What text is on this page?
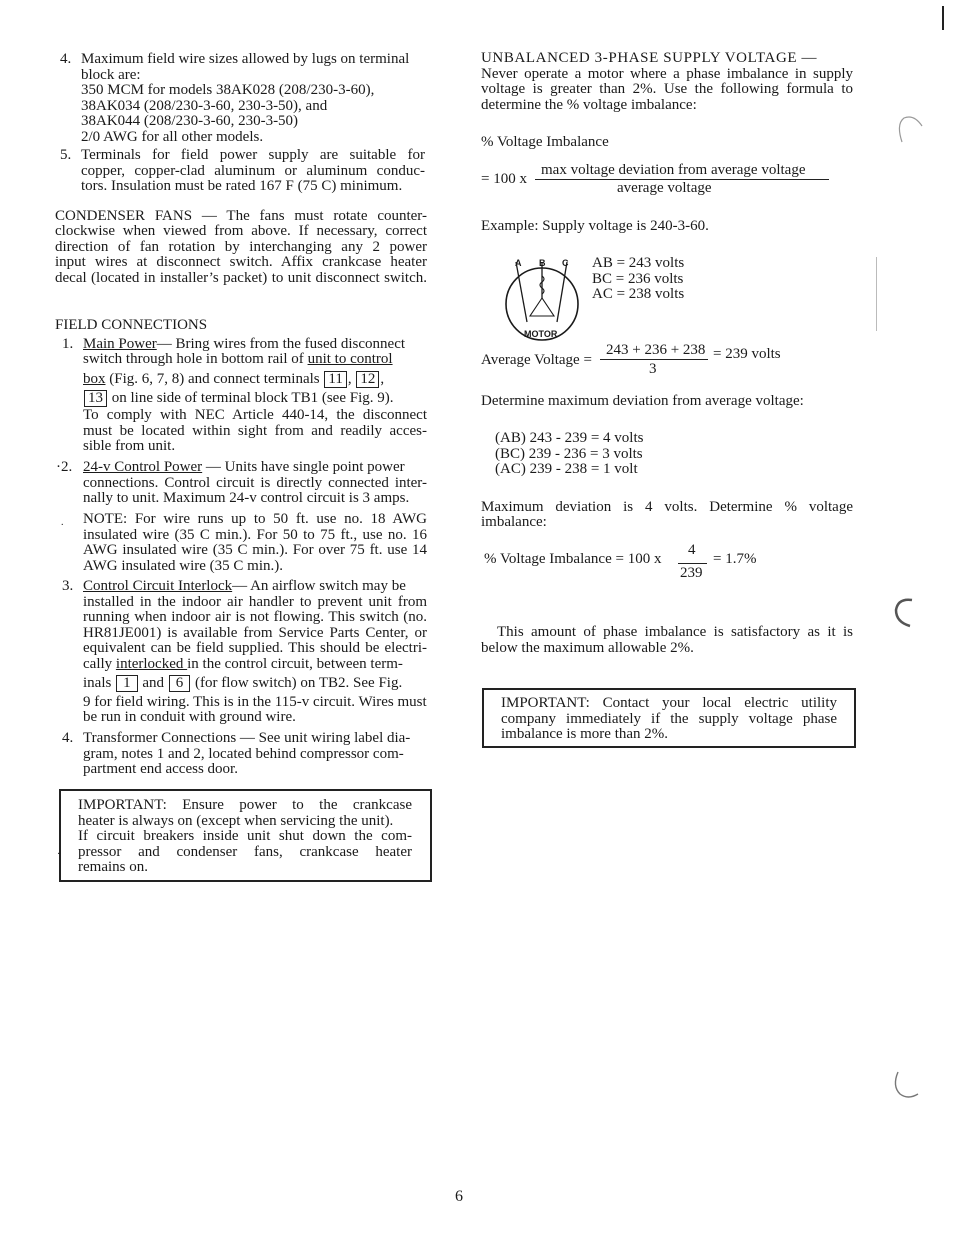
4. Maximum field wire sizes allowed by lugs on terminal
block are:
350 MCM for models 38AK028 (208/230-3-60),
38AK034 (208/230-3-60, 230-3-50), and
38AK044 (208/230-3-60, 230-3-50)
2/0 AWG for all other models.
5. Terminals for field power supply are suitable for
copper, copper-clad aluminum or aluminum conduc-
tors. Insulation must be rated 167 F (75 C) minimum.
CONDENSER FANS — The fans must rotate counter-
clockwise when viewed from above. If necessary, correct
direction of fan rotation by interchanging any 2 power
input wires at disconnect switch. Affix crankcase heater
decal (located in installer’s packet) to unit disconnect switch.
FIELD CONNECTIONS
1. Main Power— Bring wires from the fused disconnect
switch through hole in bottom rail of unit to control
box (Fig. 6, 7, 8) and connect terminals 11 , 12 ,
13 on line side of terminal block TB1 (see Fig. 9).
To comply with NEC Article 440-14, the disconnect
must be located within sight from and readily acces-
sible from unit.
·2. 24-v Control Power — Units have single point power
connections. Control circuit is directly connected inter-
nally to unit. Maximum 24-v control circuit is 3 amps.
. NOTE: For wire runs up to 50 ft. use no. 18 AWG
insulated wire (35 C min.). For 50 to 75 ft., use no. 16
AWG insulated wire (35 C min.). For over 75 ft. use 14
AWG insulated wire (35 C min.).
3. Control Circuit Interlock— An airflow switch may be
installed in the indoor air handler to prevent unit from
running when indoor air is not flowing. This switch (no.
HR81JE001) is available from Service Parts Center, or
equivalent can be field supplied. This should be electri-
cally interlocked in the control circuit, between term-
inals 1 and 6 (for flow switch) on TB2. See Fig.
9 for field wiring. This is in the 115-v circuit. Wires must
be run in conduit with ground wire.
4. Transformer Connections — See unit wiring label dia-
gram, notes 1 and 2, located behind compressor com-
partment end access door.
IMPORTANT: Ensure power to the crankcase
heater is always on (except when servicing the unit).
If circuit breakers inside unit shut down the com-
pressor and condenser fans, crankcase heater
remains on.
·
UNBALANCED 3-PHASE SUPPLY VOLTAGE —
Never operate a motor where a phase imbalance in supply
voltage is greater than 2%. Use the following formula to
determine the % voltage imbalance:
% Voltage Imbalance
= 100 x
max voltage deviation from average voltage
average voltage
Example: Supply voltage is 240-3-60.
A B C
MOTOR
AB = 243 volts
BC = 236 volts
AC = 238 volts
Average Voltage =
243 + 236 + 238
3
= 239 volts
Determine maximum deviation from average voltage:
(AB) 243 - 239 = 4 volts
(BC) 239 - 236 = 3 volts
(AC) 239 - 238 = 1 volt
Maximum deviation is 4 volts. Determine % voltage
imbalance:
% Voltage Imbalance = 100 x
4
239
= 1.7%
This amount of phase imbalance is satisfactory as it is
below the maximum allowable 2%.
IMPORTANT: Contact your local electric utility
company immediately if the supply voltage phase
imbalance is more than 2%.
6
